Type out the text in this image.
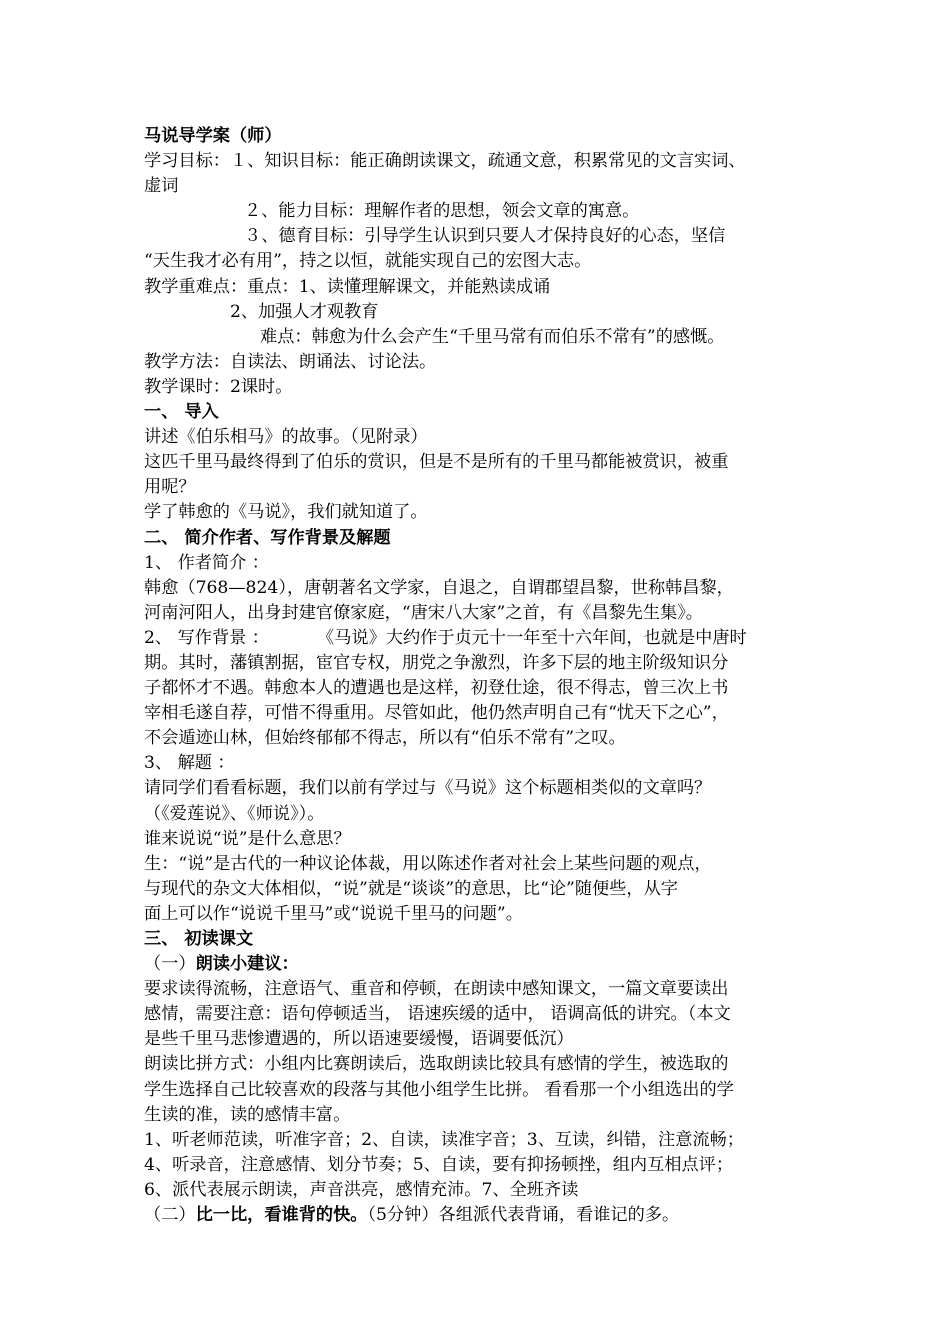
马说导学案（师）
学习目标：１、知识目标：能正确朗读课文，疏通文意，积累常见的文言实词、
虚词
２、能力目标：理解作者的思想，领会文章的寓意。
３、德育目标：引导学生认识到只要人才保持良好的心态，坚信
“天生我才必有用”，持之以恒，就能实现自己的宏图大志。
教学重难点：重点：1、读懂理解课文，并能熟读成诵
2、加强人才观教育
难点：韩愈为什么会产生“千里马常有而伯乐不常有”的感慨。
教学方法：自读法、朗诵法、讨论法。
教学课时：2课时。
一、 导入
讲述《伯乐相马》的故事。（见附录）
这匹千里马最终得到了伯乐的赏识，但是不是所有的千里马都能被赏识，被重
用呢？
学了韩愈的《马说》，我们就知道了。
二、 简介作者、写作背景及解题
1、 作者简介 ：
韩愈（768—824），唐朝著名文学家，自退之，自谓郡望昌黎，世称韩昌黎，
河南河阳人，出身封建官僚家庭，“唐宋八大家”之首，有《昌黎先生集》。
2、 写作背景 ：	《马说》大约作于贞元十一年至十六年间，也就是中唐时
期。其时，藩镇割据，宦官专权，朋党之争激烈，许多下层的地主阶级知识分
子都怀才不遇。韩愈本人的遭遇也是这样，初登仕途，很不得志，曾三次上书
宰相毛遂自荐，可惜不得重用。尽管如此，他仍然声明自己有“忧天下之心”，
不会遁迹山林，但始终郁郁不得志，所以有“伯乐不常有”之叹。
3、 解题 ：
请同学们看看标题，我们以前有学过与《马说》这个标题相类似的文章吗？
（《爱莲说》、《师说》）。
谁来说说“说”是什么意思？
生：“说”是古代的一种议论体裁，用以陈述作者对社会上某些问题的观点，
与现代的杂文大体相似，“说”就是“谈谈”的意思，比“论”随便些，从字
面上可以作“说说千里马”或“说说千里马的问题”。
三、 初读课文
（一）朗读小建议：
要求读得流畅，注意语气、重音和停顿，在朗读中感知课文，一篇文章要读出
感情，需要注意：语句停顿适当， 语速疾缓的适中， 语调高低的讲究。（本文
是些千里马悲惨遭遇的，所以语速要缓慢，语调要低沉）
朗读比拼方式：小组内比赛朗读后，选取朗读比较具有感情的学生，被选取的
学生选择自己比较喜欢的段落与其他小组学生比拼。 看看那一个小组选出的学
生读的准，读的感情丰富。
1、听老师范读，听准字音；2、自读，读准字音；3、互读，纠错，注意流畅；
4、听录音，注意感情、划分节奏；5、自读，要有抑扬顿挫，组内互相点评；
6、派代表展示朗读，声音洪亮，感情充沛。7、全班齐读
（二）比一比，看谁背的快。（5分钟）各组派代表背诵，看谁记的多。
